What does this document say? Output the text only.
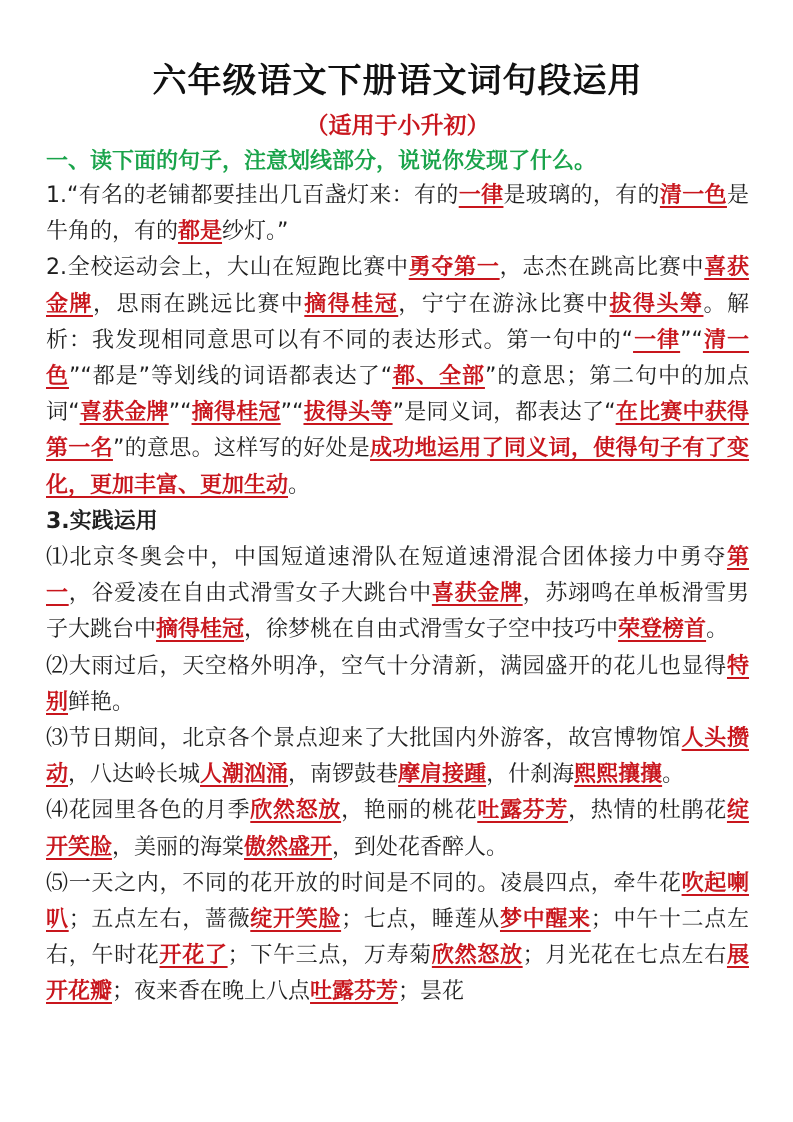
六年级语文下册语文词句段运用
（适用于小升初）
一、读下面的句子，注意划线部分，说说你发现了什么。

1.“有名的老铺都要挂出几百盏灯来：有的一律是玻璃的，有的清一色是牛角的，有的都是纱灯。”

2.全校运动会上，大山在短跑比赛中勇夺第一，志杰在跳高比赛中喜获金牌，思雨在跳远比赛中摘得桂冠，宁宁在游泳比赛中拔得头筹。解析：我发现相同意思可以有不同的表达形式。第一句中的“一律”“清一色”“都是”等划线的词语都表达了“都、全部”的意思；第二句中的加点词“喜获金牌”“摘得桂冠”“拔得头等”是同义词，都表达了“在比赛中获得第一名”的意思。这样写的好处是成功地运用了同义词，使得句子有了变化，更加丰富、更加生动。

3.实践运用

⑴北京冬奥会中，中国短道速滑队在短道速滑混合团体接力中勇夺第一，谷爱凌在自由式滑雪女子大跳台中喜获金牌，苏翊鸣在单板滑雪男子大跳台中摘得桂冠，徐梦桃在自由式滑雪女子空中技巧中荣登榜首。

⑵大雨过后，天空格外明净，空气十分清新，满园盛开的花儿也显得特别鲜艳。

⑶节日期间，北京各个景点迎来了大批国内外游客，故宫博物馆人头攒动，八达岭长城人潮汹涌，南锣鼓巷摩肩接踵，什刹海熙熙攘攘。

⑷花园里各色的月季欣然怒放，艳丽的桃花吐露芬芳，热情的杜鹃花绽开笑脸，美丽的海棠傲然盛开，到处花香醉人。

⑸一天之内，不同的花开放的时间是不同的。凌晨四点，牵牛花吹起喇叭；五点左右，蔷薇绽开笑脸；七点，睡莲从梦中醒来；中午十二点左右，午时花开花了；下午三点，万寿菊欣然怒放；月光花在七点左右展开花瓣；夜来香在晚上八点吐露芬芳；昙花
